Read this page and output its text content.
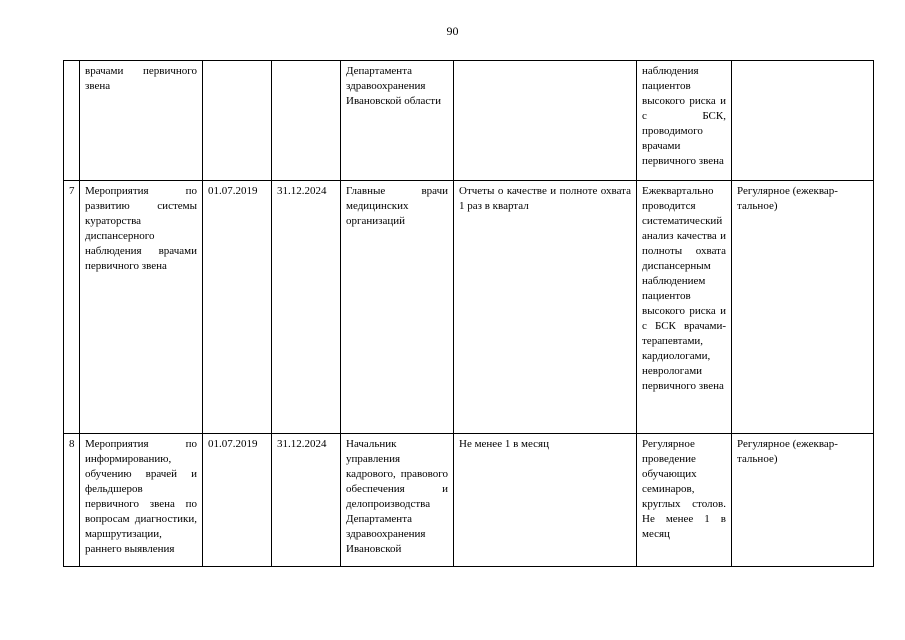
90
	врачами первичного звена			Департамента здравоохранения Ивановской области		наблюдения пациентов высокого риска и с БСК, проводимого врачами первичного звена	
7	Мероприятия по развитию системы кураторства диспансерного наблюдения врачами первичного звена	01.07.2019	31.12.2024	Главные врачи медицинских организаций	Отчеты о качестве и полноте охвата 1 раз в квартал	Ежеквартально проводится систематический анализ качества и полноты охвата диспансерным наблюдением пациентов высокого риска и с БСК врачами-терапевтами, кардиологами, неврологами первичного звена	Регулярное (ежеквар-тальное)
8	Мероприятия по информированию, обучению врачей и фельдшеров первичного звена по вопросам диагностики, маршрутизации, раннего выявления	01.07.2019	31.12.2024	Начальник управления кадрового, правового обеспечения и делопроизводства Департамента здравоохранения Ивановской	Не менее 1 в месяц	Регулярное проведение обучающих семинаров, круглых столов. Не менее 1 в месяц	Регулярное (ежеквар-тальное)
